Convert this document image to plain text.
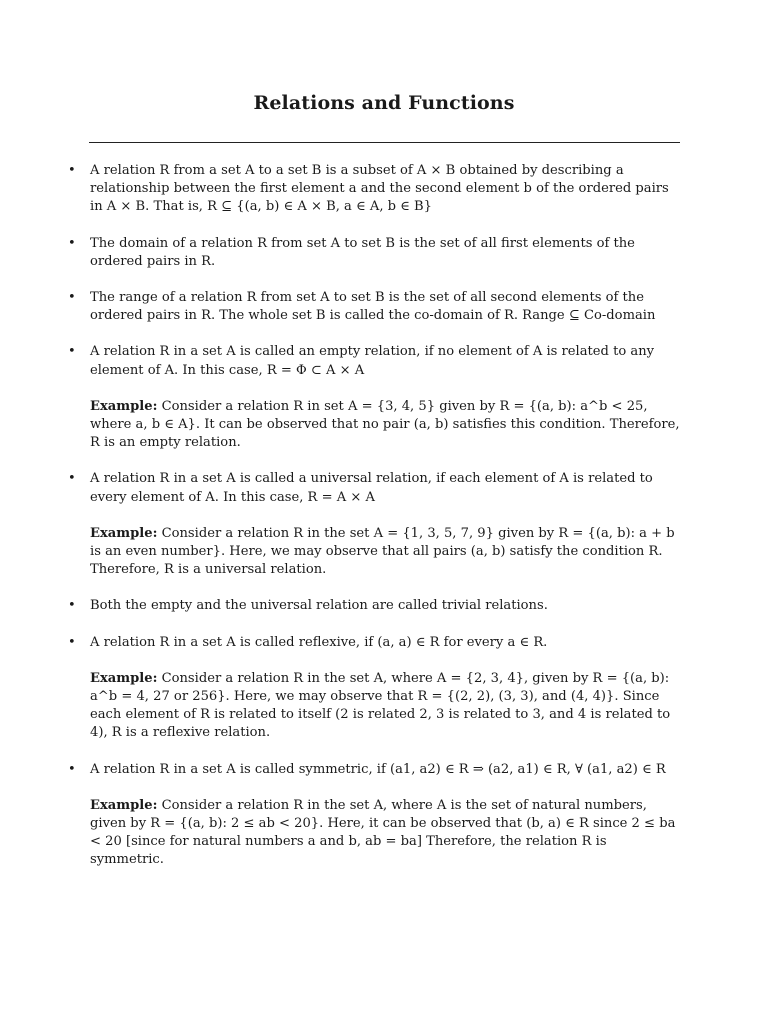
Relations and Functions

• A relation R from a set A to a set B is a subset of A × B obtained by describing a relationship between the first element a and the second element b of the ordered pairs in A × B. That is, R ⊆ {(a, b) ∈ A × B, a ∈ A, b ∈ B}

• The domain of a relation R from set A to set B is the set of all first elements of the ordered pairs in R.

• The range of a relation R from set A to set B is the set of all second elements of the ordered pairs in R. The whole set B is called the co-domain of R. Range ⊆ Co-domain

• A relation R in a set A is called an empty relation, if no element of A is related to any element of A. In this case, R = Φ ⊂ A × A

Example: Consider a relation R in set A = {3, 4, 5} given by R = {(a, b): a^b < 25, where a, b ∈ A}. It can be observed that no pair (a, b) satisfies this condition. Therefore, R is an empty relation.

• A relation R in a set A is called a universal relation, if each element of A is related to every element of A. In this case, R = A × A

Example: Consider a relation R in the set A = {1, 3, 5, 7, 9} given by R = {(a, b): a + b is an even number}. Here, we may observe that all pairs (a, b) satisfy the condition R. Therefore, R is a universal relation.

• Both the empty and the universal relation are called trivial relations.

• A relation R in a set A is called reflexive, if (a, a) ∈ R for every a ∈ R.

Example: Consider a relation R in the set A, where A = {2, 3, 4}, given by R = {(a, b): a^b = 4, 27 or 256}. Here, we may observe that R = {(2, 2), (3, 3), and (4, 4)}. Since each element of R is related to itself (2 is related 2, 3 is related to 3, and 4 is related to 4), R is a reflexive relation.

• A relation R in a set A is called symmetric, if (a1, a2) ∈ R ⇒ (a2, a1) ∈ R, ∀ (a1, a2) ∈ R

Example: Consider a relation R in the set A, where A is the set of natural numbers, given by R = {(a, b): 2 ≤ ab < 20}. Here, it can be observed that (b, a) ∈ R since 2 ≤ ba < 20 [since for natural numbers a and b, ab = ba] Therefore, the relation R is symmetric.
